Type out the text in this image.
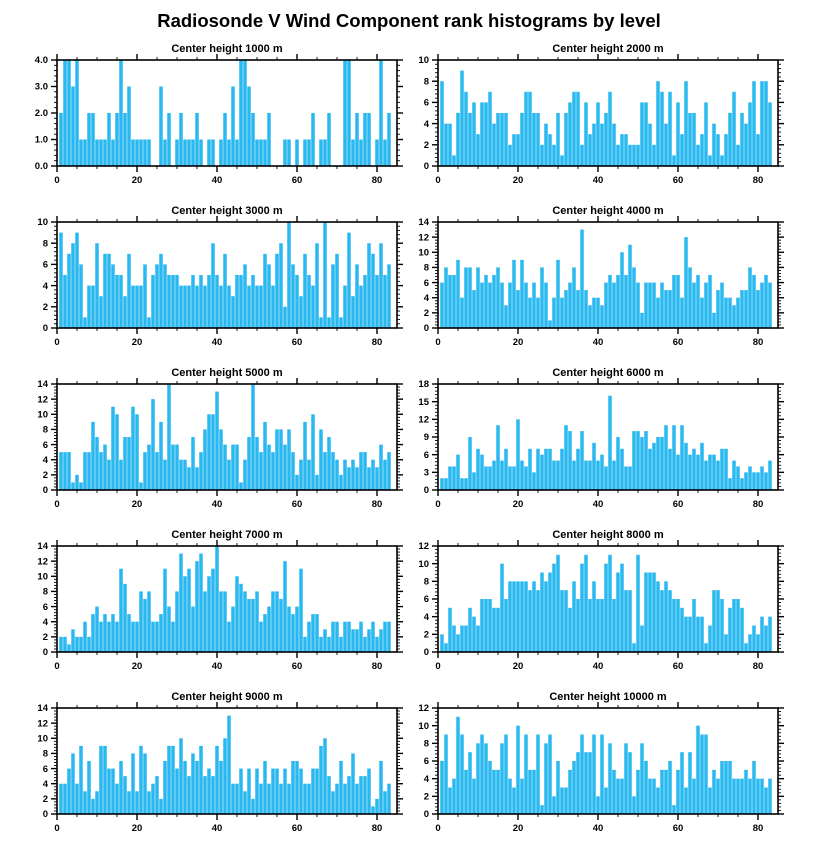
Radiosonde V Wind Component rank histograms by level
Center height 1000 m
0.0
1.0
2.0
3.0
4.0
0	20	40	60	80
Center height 2000 m
0
2
4
6
8
10
0	20	40	60	80
Center height 3000 m
0
2
4
6
8
10
0	20	40	60	80
Center height 4000 m
0
2
4
6
8
10
12
14
0	20	40	60	80
Center height 5000 m
0
2
4
6
8
10
12
14
0	20	40	60	80
Center height 6000 m
0
3
6
9
12
15
18
0	20	40	60	80
Center height 7000 m
0
2
4
6
8
10
12
14
0	20	40	60	80
Center height 8000 m
0
2
4
6
8
10
12
0	20	40	60	80
Center height 9000 m
0
2
4
6
8
10
12
14
0	20	40	60	80
Center height 10000 m
0
2
4
6
8
10
12
0	20	40	60	80
